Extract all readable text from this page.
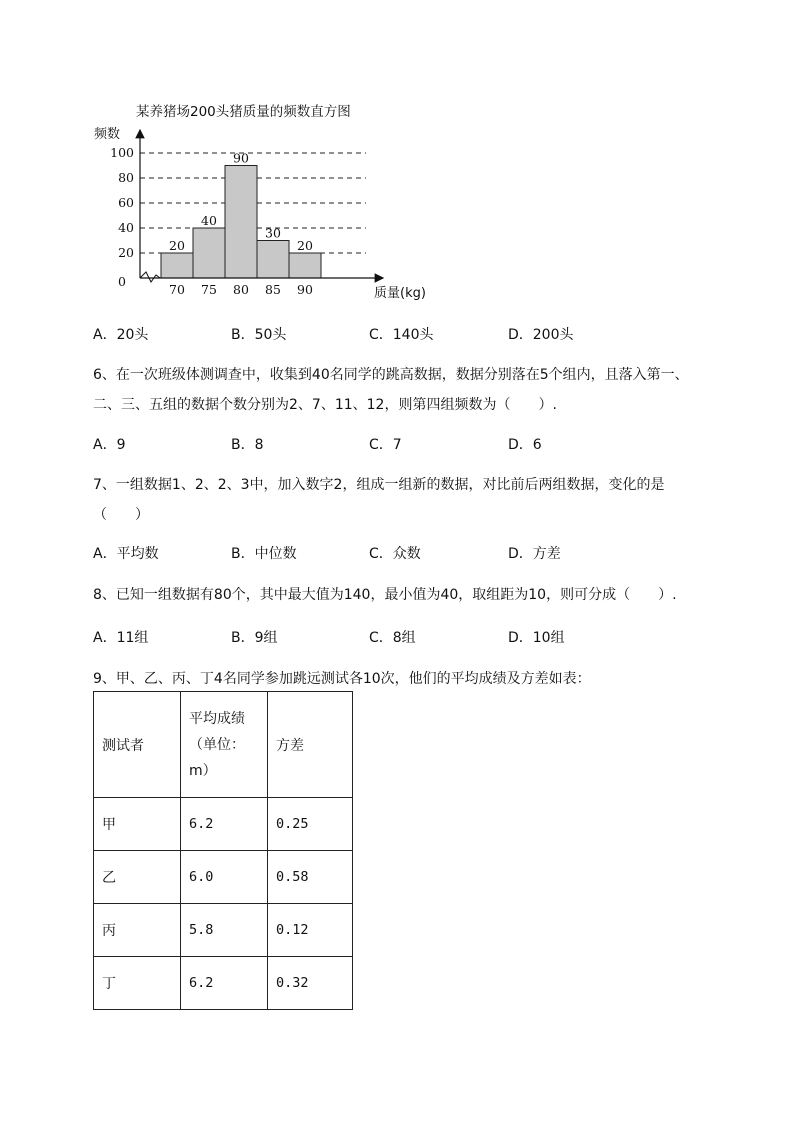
某养猪场200头猪质量的频数直方图
频数
质量(kg)
0
20
40
60
80
100
70 75 80 85 90
20
40
90
30
20
A．20头	B．50头	C．140头	D．200头
6、在一次班级体测调查中，收集到40名同学的跳高数据，数据分别落在5个组内，且落入第一、
二、三、五组的数据个数分别为2、7、11、12，则第四组频数为（　　）.
A．9	B．8	C．7	D．6
7、一组数据1、2、2、3中，加入数字2，组成一组新的数据，对比前后两组数据，变化的是
（　　）
A．平均数	B．中位数	C．众数	D．方差
8、已知一组数据有80个，其中最大值为140，最小值为40，取组距为10，则可分成（　　）.
A．11组	B．9组	C．8组	D．10组
9、甲、乙、丙、丁4名同学参加跳远测试各10次，他们的平均成绩及方差如表：
测试者	平均成绩
（单位：
m）	方差
甲	6.2	0.25
乙	6.0	0.58
丙	5.8	0.12
丁	6.2	0.32
